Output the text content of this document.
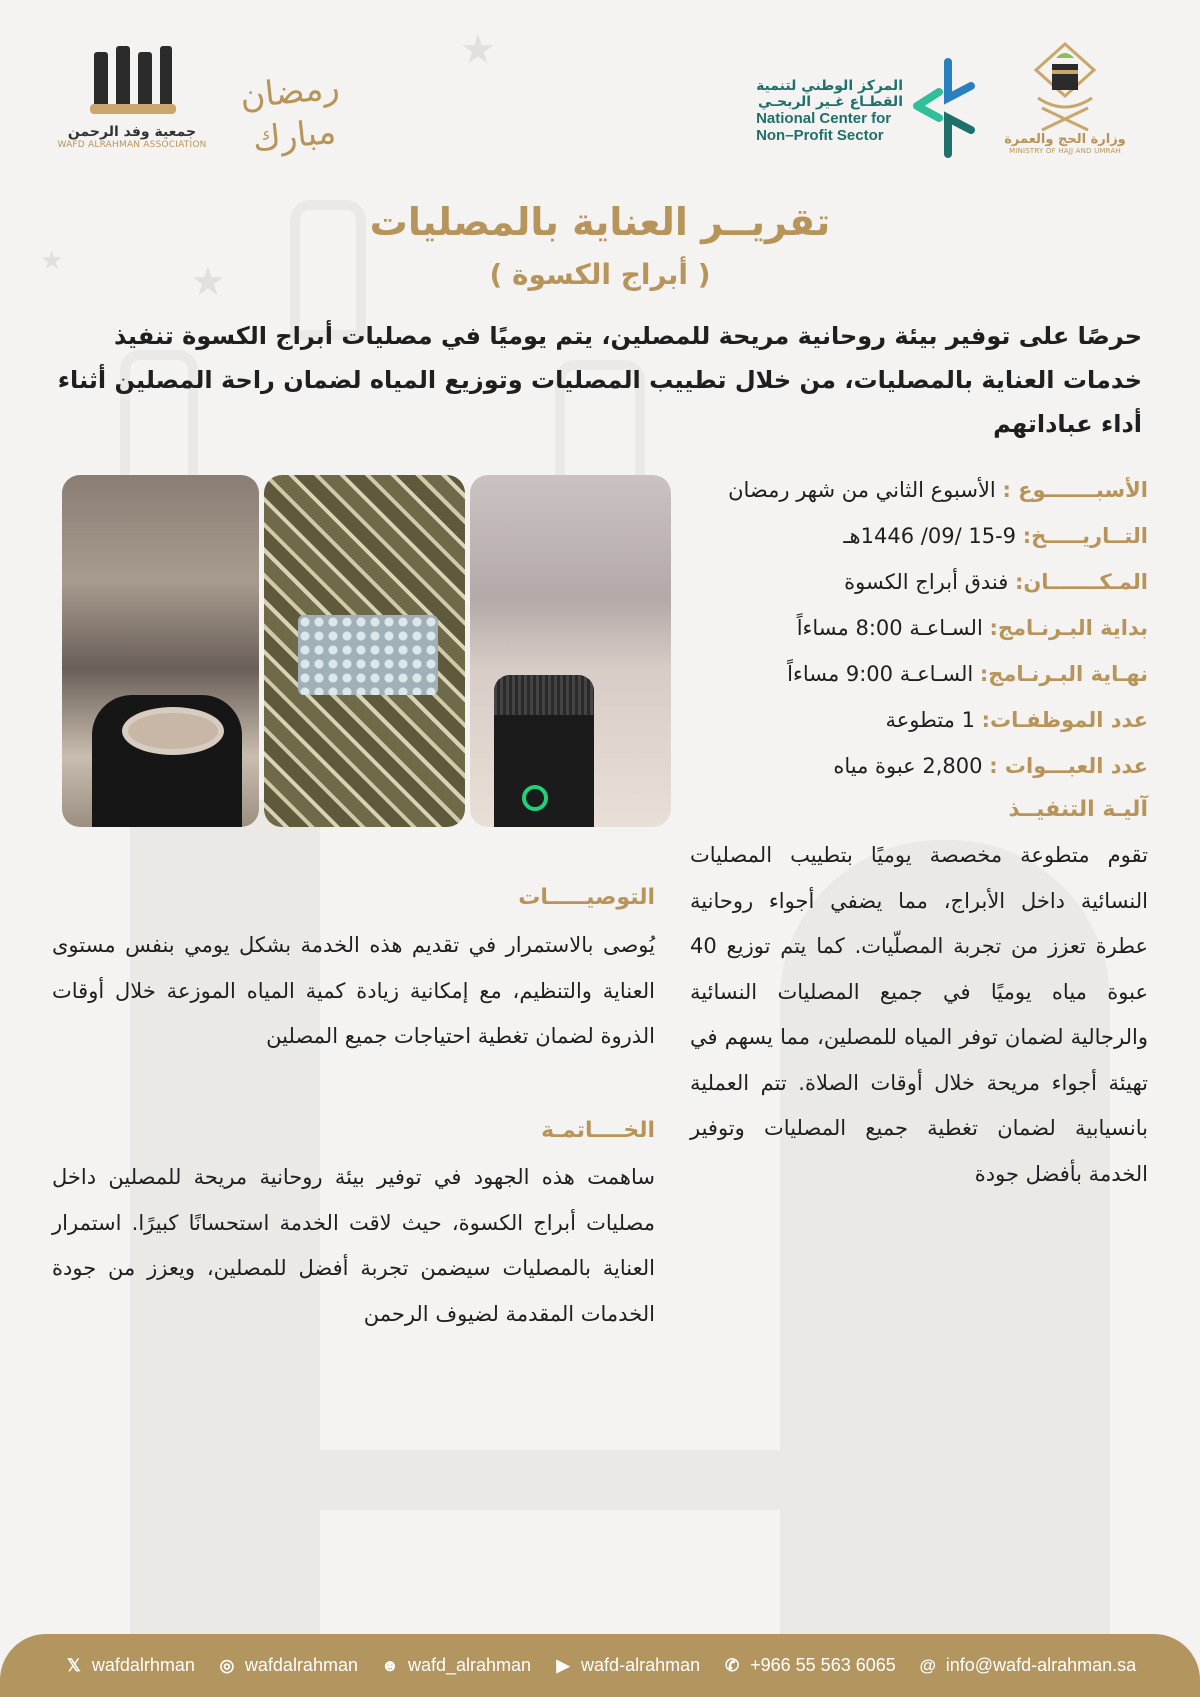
★
★
★
وزارة الحج والعمرة
MINISTRY OF HAJJ AND UMRAH
المركز الوطني لتنمية
القطـاع غـير الربحـي
National Center for
Non–Profit Sector
رمضان مبارك
جمعية وفد الرحمن
WAFD ALRAHMAN ASSOCIATION
تقريــر العناية بالمصليات
( أبراج الكسوة )
حرصًا على توفير بيئة روحانية مريحة للمصلين، يتم يوميًا في مصليات أبراج الكسوة تنفيذ خدمات العناية بالمصليات، من خلال تطييب المصليات وتوزيع المياه لضمان راحة المصلين أثناء أداء عباداتهم
الأسبـــــــوع : الأسبوع الثاني من شهر رمضان
التــاريـــــخ: 9-15 /09/ 1446هـ
المـكـــــــان: فندق أبراج الكسوة
بداية البـرنـامج: السـاعـة 8:00 مساءاً
نهـاية البـرنـامج: السـاعـة 9:00 مساءاً
عدد الموظفـات: 1 متطوعة
عدد العبـــوات : 2,800 عبوة مياه
آليـة التنفيــذ
تقوم متطوعة مخصصة يوميًا بتطييب المصليات النسائية داخل الأبراج، مما يضفي أجواء روحانية عطرة تعزز من تجربة المصلّيات. كما يتم توزيع 40 عبوة مياه يوميًا في جميع المصليات النسائية والرجالية لضمان توفر المياه للمصلين، مما يسهم في تهيئة أجواء مريحة خلال أوقات الصلاة. تتم العملية بانسيابية لضمان تغطية جميع المصليات وتوفير الخدمة بأفضل جودة
التوصيـــــات
يُوصى بالاستمرار في تقديم هذه الخدمة بشكل يومي بنفس مستوى العناية والتنظيم، مع إمكانية زيادة كمية المياه الموزعة خلال أوقات الذروة لضمان تغطية احتياجات جميع المصلين
الخــــاتمـة
ساهمت هذه الجهود في توفير بيئة روحانية مريحة للمصلين داخل مصليات أبراج الكسوة، حيث لاقت الخدمة استحسانًا كبيرًا. استمرار العناية بالمصليات سيضمن تجربة أفضل للمصلين، ويعزز من جودة الخدمات المقدمة لضيوف الرحمن
𝕏 wafdalrhman ◎ wafdalrahman ☻ wafd_alrahman ▶ wafd-alrahman ✆ +966 55 563 6065 @ info@wafd-alrahman.sa
